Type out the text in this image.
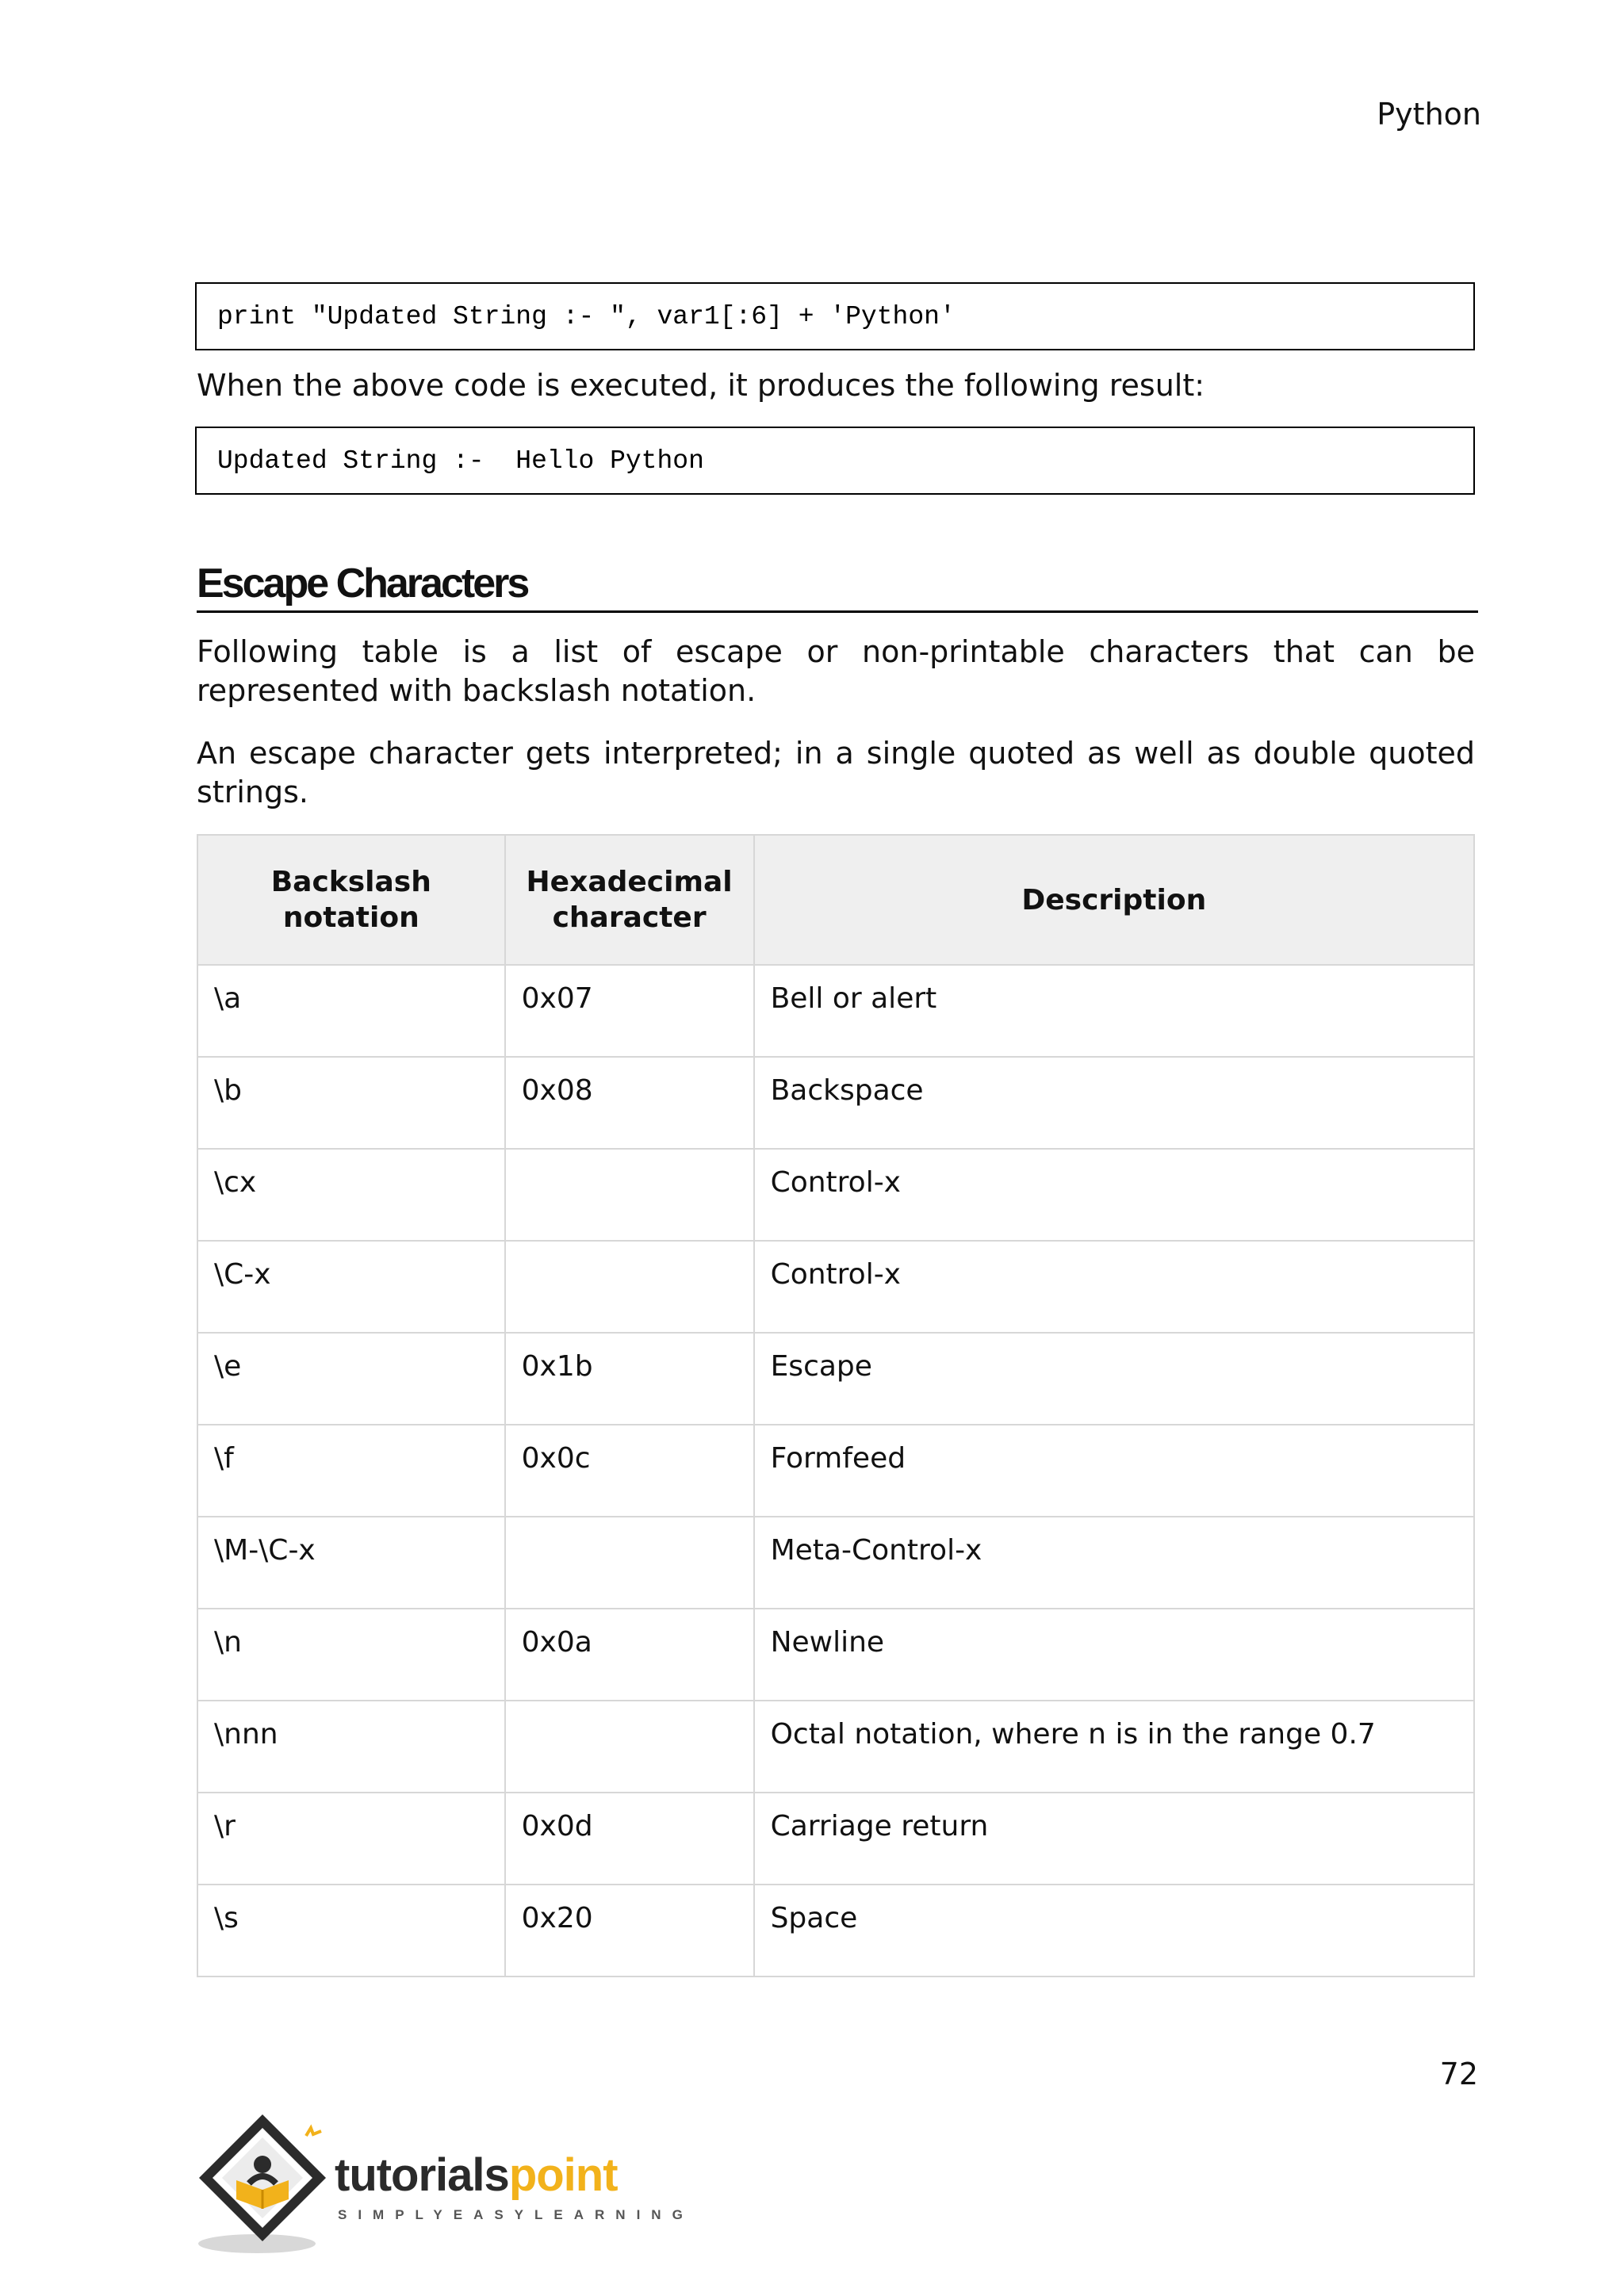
Python
print "Updated String :- ", var1[:6] + 'Python'
When the above code is executed, it produces the following result:
Updated String :-  Hello Python
Escape Characters
Following table is a list of escape or non-printable characters that can be represented with backslash notation.
An escape character gets interpreted; in a single quoted as well as double quoted strings.
Backslash notation	Hexadecimal character	Description
\a	0x07	Bell or alert
\b	0x08	Backspace
\cx		Control-x
\C-x		Control-x
\e	0x1b	Escape
\f	0x0c	Formfeed
\M-\C-x		Meta-Control-x
\n	0x0a	Newline
\nnn		Octal notation, where n is in the range 0.7
\r	0x0d	Carriage return
\s	0x20	Space
72
tutorialspoint
SIMPLYEASYLEARNING
